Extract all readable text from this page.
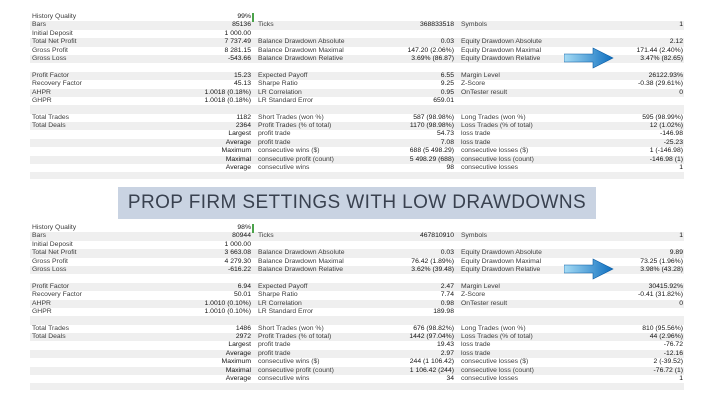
History Quality	99%
Bars	85136 Ticks	368833518 Symbols	1
Initial Deposit	1 000.00
Total Net Profit	7 737.49 Balance Drawdown Absolute	0.03 Equity Drawdown Absolute	2.12
Gross Profit	8 281.15 Balance Drawdown Maximal	147.20 (2.06%) Equity Drawdown Maximal	171.44 (2.40%)
Gross Loss	-543.66 Balance Drawdown Relative	3.69% (86.87) Equity Drawdown Relative	3.47% (82.65)
Profit Factor	15.23 Expected Payoff	6.55 Margin Level	26122.93%
Recovery Factor	45.13 Sharpe Ratio	9.25 Z-Score	-0.38 (29.61%)
AHPR	1.0018 (0.18%) LR Correlation	0.95 OnTester result	0
GHPR	1.0018 (0.18%) LR Standard Error	659.01
Total Trades	1182 Short Trades (won %)	587 (98.98%) Long Trades (won %)	595 (98.99%)
Total Deals	2364 Profit Trades (% of total)	1170 (98.98%) Loss Trades (% of total)	12 (1.02%)
Largest profit trade	54.73 loss trade	-146.98
Average profit trade	7.08 loss trade	-25.23
Maximum consecutive wins ($)	688 (5 498.29) consecutive losses ($)	1 (-146.98)
Maximal consecutive profit (count)	5 498.29 (688) consecutive loss (count)	-146.98 (1)
Average consecutive wins	98 consecutive losses	1
PROP FIRM SETTINGS WITH LOW DRAWDOWNS
History Quality	98%
Bars	80944 Ticks	467810910 Symbols	1
Initial Deposit	1 000.00
Total Net Profit	3 663.08 Balance Drawdown Absolute	0.03 Equity Drawdown Absolute	9.89
Gross Profit	4 279.30 Balance Drawdown Maximal	76.42 (1.89%) Equity Drawdown Maximal	73.25 (1.96%)
Gross Loss	-616.22 Balance Drawdown Relative	3.62% (39.48) Equity Drawdown Relative	3.98% (43.28)
Profit Factor	6.94 Expected Payoff	2.47 Margin Level	30415.92%
Recovery Factor	50.01 Sharpe Ratio	7.74 Z-Score	-0.41 (31.82%)
AHPR	1.0010 (0.10%) LR Correlation	0.98 OnTester result	0
GHPR	1.0010 (0.10%) LR Standard Error	189.98
Total Trades	1486 Short Trades (won %)	676 (98.82%) Long Trades (won %)	810 (95.56%)
Total Deals	2972 Profit Trades (% of total)	1442 (97.04%) Loss Trades (% of total)	44 (2.96%)
Largest profit trade	19.43 loss trade	-76.72
Average profit trade	2.97 loss trade	-12.16
Maximum consecutive wins ($)	244 (1 106.42) consecutive losses ($)	2 (-39.52)
Maximal consecutive profit (count)	1 106.42 (244) consecutive loss (count)	-76.72 (1)
Average consecutive wins	34 consecutive losses	1
